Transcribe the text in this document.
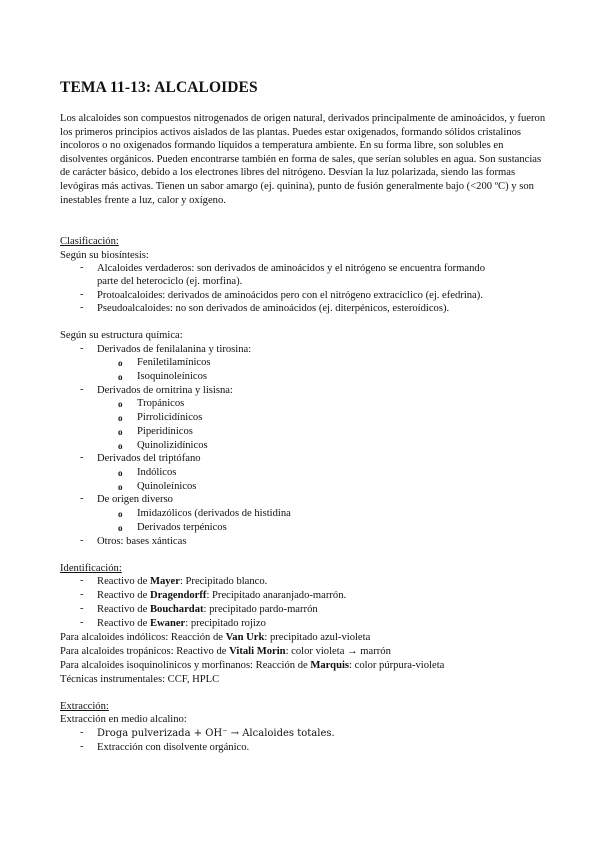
TEMA 11-13: ALCALOIDES
Los alcaloides son compuestos nitrogenados de origen natural, derivados principalmente de aminoácidos, y fueron los primeros principios activos aislados de las plantas. Puedes estar oxigenados, formando sólidos cristalinos incoloros o no oxigenados formando líquidos a temperatura ambiente. En su forma libre, son solubles en disolventes orgánicos. Pueden encontrarse también en forma de sales, que serían solubles en agua. Son sustancias de carácter básico, debido a los electrones libres del nitrógeno. Desvían la luz polarizada, siendo las formas levógiras más activas. Tienen un sabor amargo (ej. quinina), punto de fusión generalmente bajo (<200 ºC) y son inestables frente a luz, calor y oxígeno.
Clasificación:
Según su biosíntesis:
- Alcaloides verdaderos: son derivados de aminoácidos y el nitrógeno se encuentra formando
parte del heterociclo (ej. morfina).
- Protoalcaloides: derivados de aminoácidos pero con el nitrógeno extracíclico (ej. efedrina).
- Pseudoalcaloides: no son derivados de aminoácidos (ej. diterpénicos, esteroídicos).
Según su estructura química:
- Derivados de fenilalanina y tirosina:
o Feniletilamínicos
o Isoquinoleínicos
- Derivados de ornitrina y lisisna:
o Tropánicos
o Pirrolicidínicos
o Piperidínicos
o Quinolizidínicos
- Derivados del triptófano
o Indólicos
o Quinoleínicos
- De origen diverso
o Imidazólicos (derivados de histidina
o Derivados terpénicos
- Otros: bases xánticas
Identificación:
- Reactivo de Mayer: Precipitado blanco.
- Reactivo de Dragendorff: Precipitado anaranjado-marrón.
- Reactivo de Bouchardat: precipitado pardo-marrón
- Reactivo de Ewaner: precipitado rojizo
Para alcaloides indólicos: Reacción de Van Urk: precipitado azul-violeta
Para alcaloides tropánicos: Reactivo de Vitali Morin: color violeta → marrón
Para alcaloides isoquinolínicos y morfinanos: Reacción de Marquis: color púrpura-violeta
Técnicas instrumentales: CCF, HPLC
Extracción:
Extracción en medio alcalino:
- Droga pulverizada + OH⁻ → Alcaloides totales.
- Extracción con disolvente orgánico.
